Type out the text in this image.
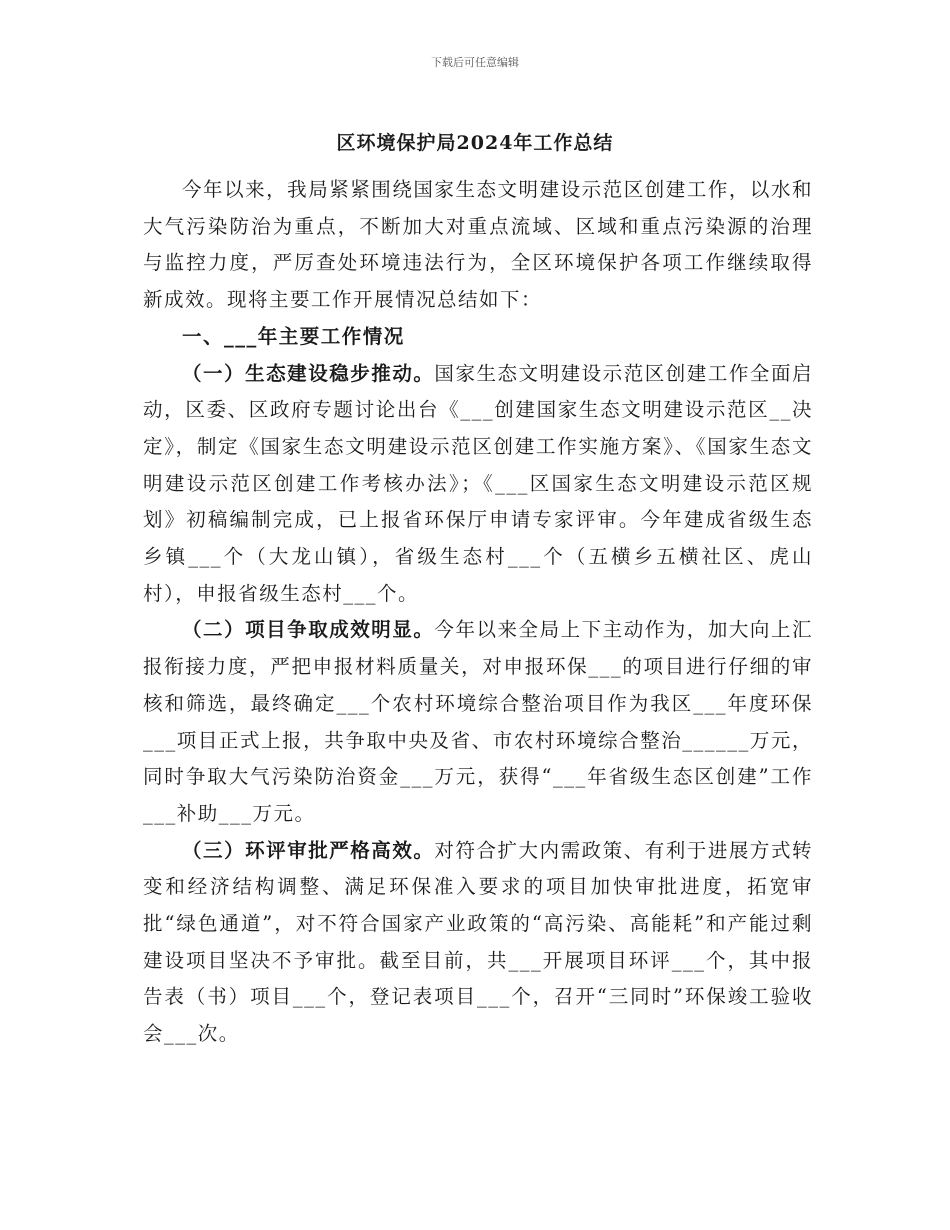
下载后可任意编辑
区环境保护局2024年工作总结

今年以来，我局紧紧围绕国家生态文明建设示范区创建工作，以水和大气污染防治为重点，不断加大对重点流域、区域和重点污染源的治理与监控力度，严厉查处环境违法行为，全区环境保护各项工作继续取得新成效。现将主要工作开展情况总结如下：

一、___年主要工作情况

（一）生态建设稳步推动。国家生态文明建设示范区创建工作全面启动，区委、区政府专题讨论出台《___创建国家生态文明建设示范区__决定》，制定《国家生态文明建设示范区创建工作实施方案》、《国家生态文明建设示范区创建工作考核办法》；《___区国家生态文明建设示范区规划》初稿编制完成，已上报省环保厅申请专家评审。今年建成省级生态乡镇___个（大龙山镇），省级生态村___个（五横乡五横社区、虎山村），申报省级生态村___个。

（二）项目争取成效明显。今年以来全局上下主动作为，加大向上汇报衔接力度，严把申报材料质量关，对申报环保___的项目进行仔细的审核和筛选，最终确定___个农村环境综合整治项目作为我区___年度环保___项目正式上报，共争取中央及省、市农村环境综合整治______万元，同时争取大气污染防治资金___万元，获得“___年省级生态区创建”工作___补助___万元。

（三）环评审批严格高效。对符合扩大内需政策、有利于进展方式转变和经济结构调整、满足环保准入要求的项目加快审批进度，拓宽审批“绿色通道”，对不符合国家产业政策的“高污染、高能耗”和产能过剩建设项目坚决不予审批。截至目前，共___开展项目环评___个，其中报告表（书）项目___个，登记表项目___个，召开“三同时”环保竣工验收会___次。
